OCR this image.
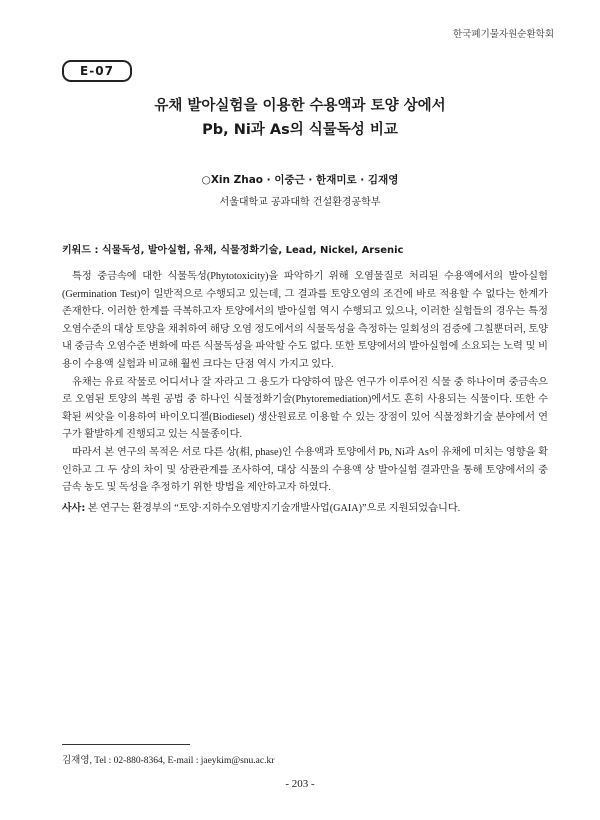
한국폐기물자원순환학회
E-07
유채 발아실험을 이용한 수용액과 토양 상에서
Pb, Ni과 As의 식물독성 비교
○Xin Zhao · 이중근 · 한재미로 · 김재영
서울대학교 공과대학 건설환경공학부
키워드 : 식물독성, 발아실험, 유채, 식물정화기술, Lead, Nickel, Arsenic

특정 중금속에 대한 식물독성(Phytotoxicity)을 파악하기 위해 오염물질로 처리된 수용액에서의 발아실험(Germination Test)이 일반적으로 수행되고 있는데, 그 결과를 토양오염의 조건에 바로 적용할 수 없다는 한계가 존재한다. 이러한 한계를 극복하고자 토양에서의 발아실험 역시 수행되고 있으나, 이러한 실험들의 경우는 특정 오염수준의 대상 토양을 채취하여 해당 오염 정도에서의 식물독성을 측정하는 일회성의 검증에 그칠뿐더러, 토양 내 중금속 오염수준 변화에 따른 식물독성을 파악할 수도 없다. 또한 토양에서의 발아실험에 소요되는 노력 및 비용이 수용액 실험과 비교해 훨씬 크다는 단점 역시 가지고 있다.

유채는 유료 작물로 어디서나 잘 자라고 그 용도가 다양하여 많은 연구가 이루어진 식물 중 하나이며 중금속으로 오염된 토양의 복원 공법 중 하나인 식물정화기술(Phytoremediation)에서도 흔히 사용되는 식물이다. 또한 수확된 씨앗을 이용하여 바이오디젤(Biodiesel) 생산원료로 이용할 수 있는 장점이 있어 식물정화기술 분야에서 연구가 활발하게 진행되고 있는 식물종이다.

따라서 본 연구의 목적은 서로 다른 상(相, phase)인 수용액과 토양에서 Pb, Ni과 As이 유채에 미치는 영향을 확인하고 그 두 상의 차이 및 상관관계를 조사하여, 대상 식물의 수용액 상 발아실험 결과만을 통해 토양에서의 중금속 농도 및 독성을 추정하기 위한 방법을 제안하고자 하였다.

사사: 본 연구는 환경부의 “토양·지하수오염방지기술개발사업(GAIA)”으로 지원되었습니다.
김재영, Tel : 02-880-8364, E-mail : jaeykim@snu.ac.kr
- 203 -
